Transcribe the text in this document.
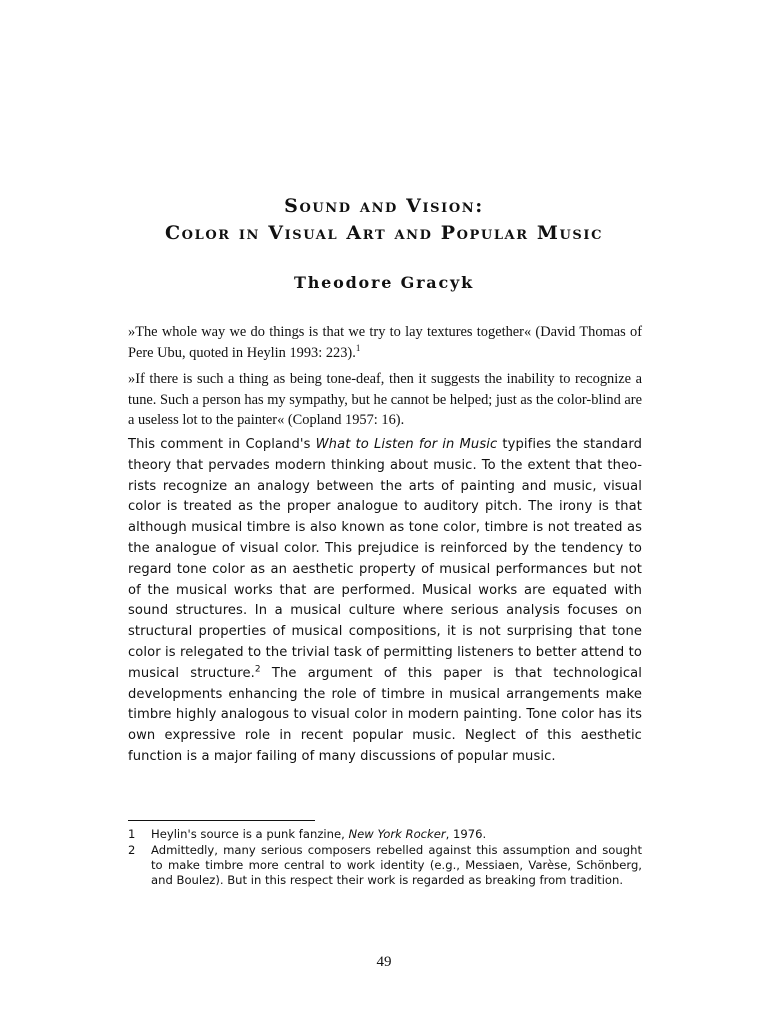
Sound and Vision:
Color in Visual Art and Popular Music
Theodore Gracyk

»The whole way we do things is that we try to lay textures together« (David Thomas of Pere Ubu, quoted in Heylin 1993: 223).$^1$

»If there is such a thing as being tone-deaf, then it suggests the inability to recognize a tune. Such a person has my sympathy, but he cannot be helped; just as the color-blind are a useless lot to the painter« (Copland 1957: 16).

This comment in Copland's What to Listen for in Music typifies the standard theory that pervades modern thinking about music. To the extent that theorists recognize an analogy between the arts of painting and music, visual color is treated as the proper analogue to auditory pitch. The irony is that although musical timbre is also known as tone color, timbre is not treated as the analogue of visual color. This prejudice is reinforced by the tendency to regard tone color as an aesthetic property of musical performances but not of the musical works that are performed. Musical works are equated with sound structures. In a musical culture where serious analysis focuses on structural properties of musical compositions, it is not surprising that tone color is relegated to the trivial task of permitting listeners to better attend to musical structure.$^2$ The argument of this paper is that technological developments enhancing the role of timbre in musical arrangements make timbre highly analogous to visual color in modern painting. Tone color has its own expressive role in recent popular music. Neglect of this aesthetic function is a major failing of many discussions of popular music.

1	Heylin's source is a punk fanzine, New York Rocker, 1976.
2	Admittedly, many serious composers rebelled against this assumption and sought to make timbre more central to work identity (e.g., Messiaen, Varèse, Schönberg, and Boulez). But in this respect their work is regarded as breaking from tradition.
49
